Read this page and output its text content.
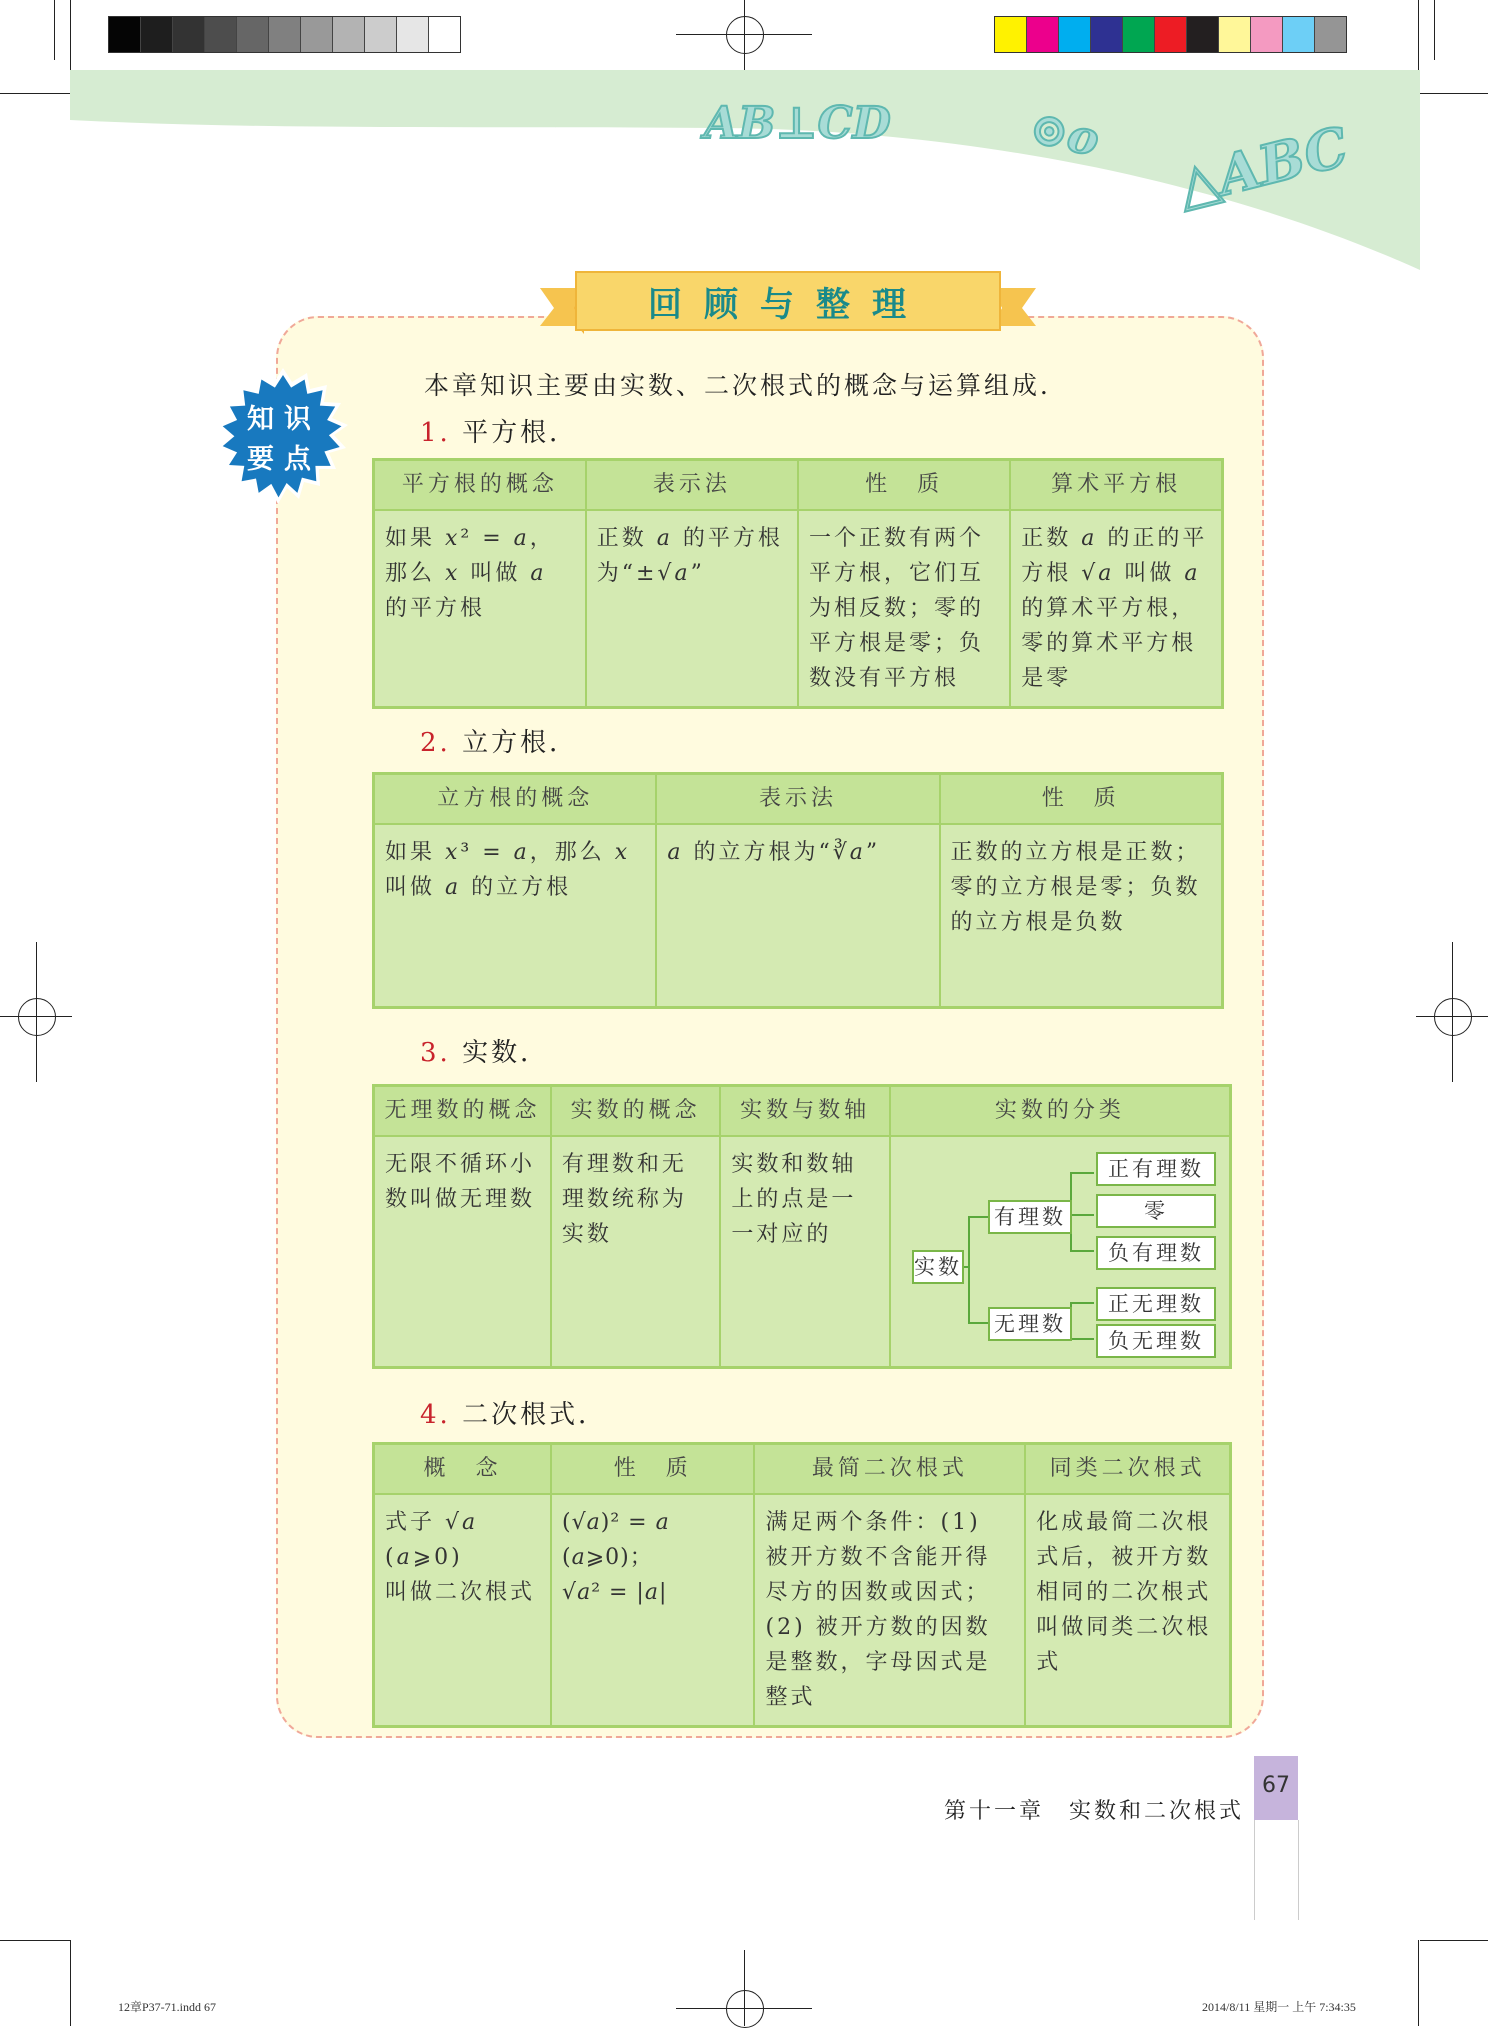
AB⊥CD	⊙o △ABC
回顾与整理
知识
要点
本章知识主要由实数、二次根式的概念与运算组成．
1. 平方根．
平方根的概念	表示法	性　质	算术平方根
如果 x² = a，那么 x 叫做 a 的平方根	正数 a 的平方根为“±√a”	一个正数有两个平方根，它们互为相反数；零的平方根是零；负数没有平方根	正数 a 的正的平方根 √a 叫做 a 的算术平方根，零的算术平方根是零
2. 立方根．
立方根的概念	表示法	性　质
如果 x³ = a，那么 x 叫做 a 的立方根	a 的立方根为“∛a”	正数的立方根是正数；零的立方根是零；负数的立方根是负数
3. 实数．
无理数的概念	实数的概念	实数与数轴	实数的分类
无限不循环小数叫做无理数	有理数和无理数统称为实数	实数和数轴上的点是一一对应的	
实数
有理数
无理数
正有理数
零
负有理数
正无理数
负无理数
4. 二次根式．
概　念	性　质	最简二次根式	同类二次根式
式子 √a (a⩾0)
叫做二次根式	(√a)² = a (a⩾0)；
√a² = |a|	满足两个条件：(1) 被开方数不含能开得尽方的因数或因式；(2) 被开方数的因数是整数，字母因式是整式	化成最简二次根式后，被开方数相同的二次根式叫做同类二次根式
第十一章　实数和二次根式
67
12章P37-71.indd 67	2014/8/11 星期一 上午 7:34:35
